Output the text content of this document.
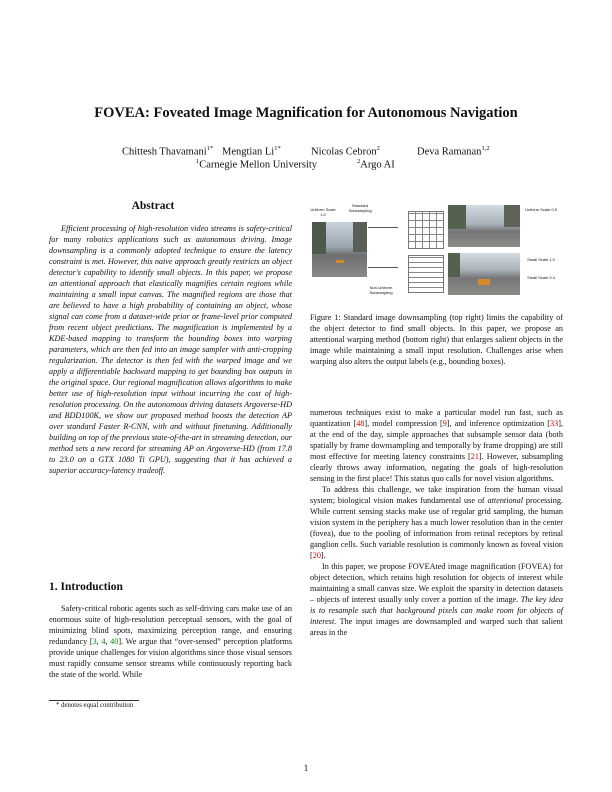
FOVEA: Foveated Image Magnification for Autonomous Navigation
Chittesh Thavamani$^{1*}$ Mengtian $Li^{1*}$	Nicolas Cebron$^2$	Deva Ramanan$^{1,2}$
$^1$Carnegie Mellon University	$^2$Argo AI
Abstract

Efficient processing of high-resolution video streams is safety-critical for many robotics applications such as autonomous driving. Image downsampling is a commonly adopted technique to ensure the latency constraint is met. However, this naive approach greatly restricts an object detector's capability to identify small objects. In this paper, we propose an attentional approach that elastically magnifies certain regions while maintaining a small input canvas. The magnified regions are those that are believed to have a high probability of containing an object, whose signal can come from a dataset-wide prior or frame-level prior computed from recent object predictions. The magnification is implemented by a KDE-based mapping to transform the bounding boxes into warping parameters, which are then fed into an image sampler with anti-cropping regularization. The detector is then fed with the warped image and we apply a differentiable backward mapping to get bounding box outputs in the original space. Our regional magnification allows algorithms to make better use of high-resolution input without incurring the cost of high-resolution processing. On the autonomous driving datasets Argoverse-HD and BDD100K, we show our proposed method boosts the detection AP over standard Faster R-CNN, with and without finetuning. Additionally building on top of the previous state-of-the-art in streaming detection, our method sets a new record for streaming AP on Argoverse-HD (from 17.8 to 23.0 on a GTX 1080 Ti GPU), suggesting that it has achieved a superior accuracy-latency tradeoff.

1. Introduction

Safety-critical robotic agents such as self-driving cars make use of an enormous suite of high-resolution perceptual sensors, with the goal of minimizing blind spots, maximizing perception range, and ensuring redundancy [3, 4, 40]. We argue that “over-sensed” perception platforms provide unique challenges for vision algorithms since those visual sensors must rapidly consume sensor streams while continuously reporting back the state of the world. While

* denotes equal contribution
Standard Subsampling
Uniform Scale 1.0
Non-Uniform Subsampling
Uniform Scale 0.5
Small Scale 1.0
Small Scale 0.4
Figure 1: Standard image downsampling (top right) limits the capability of the object detector to find small objects. In this paper, we propose an attentional warping method (bottom right) that enlarges salient objects in the image while maintaining a small input resolution. Challenges arise when warping also alters the output labels (e.g., bounding boxes).

numerous techniques exist to make a particular model run fast, such as quantization [48], model compression [9], and inference optimization [33], at the end of the day, simple approaches that subsample sensor data (both spatially by frame downsampling and temporally by frame dropping) are still most effective for meeting latency constraints [21]. However, subsampling clearly throws away information, negating the goals of high-resolution sensing in the first place! This status quo calls for novel vision algorithms.

To address this challenge, we take inspiration from the human visual system; biological vision makes fundamental use of attentional processing. While current sensing stacks make use of regular grid sampling, the human vision system in the periphery has a much lower resolution than in the center (fovea), due to the pooling of information from retinal receptors by retinal ganglion cells. Such variable resolution is commonly known as foveal vision [20].

In this paper, we propose FOVEAted image magnification (FOVEA) for object detection, which retains high resolution for objects of interest while maintaining a small canvas size. We exploit the sparsity in detection datasets – objects of interest usually only cover a portion of the image. The key idea is to resample such that background pixels can make room for objects of interest. The input images are downsampled and warped such that salient areas in the

1
